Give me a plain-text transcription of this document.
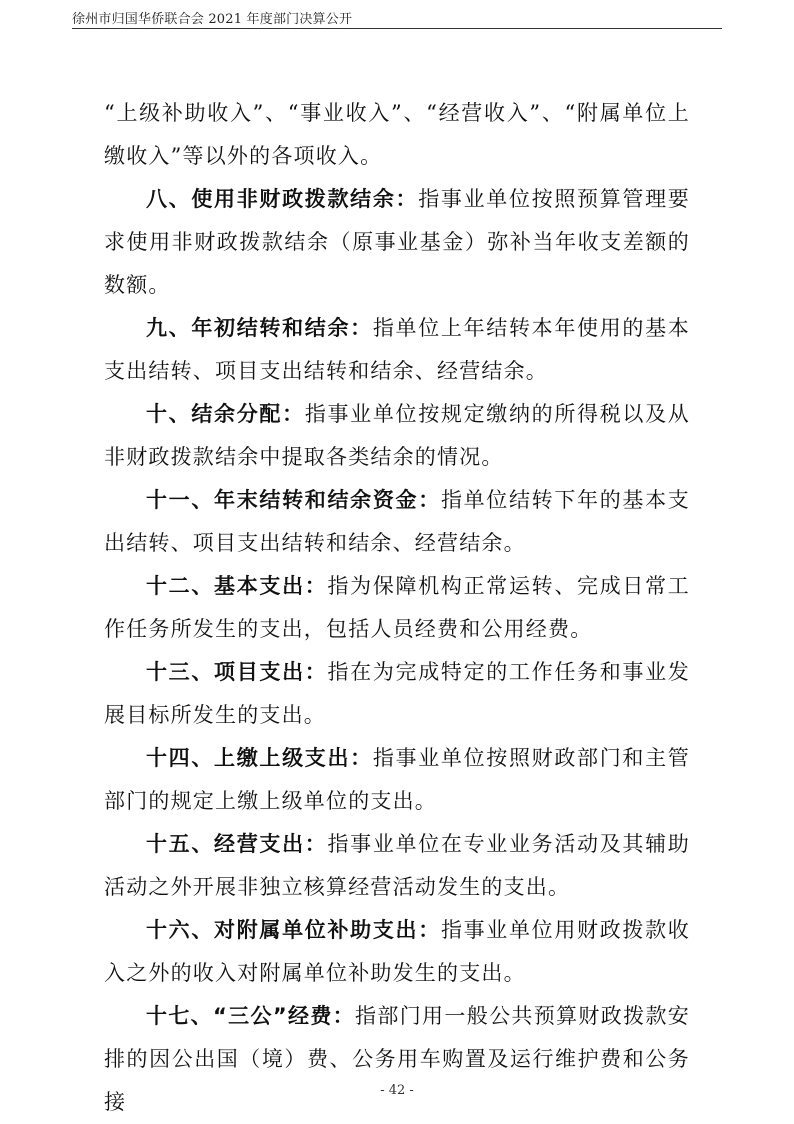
徐州市归国华侨联合会 2021 年度部门决算公开

“上级补助收入”、“事业收入”、“经营收入”、“附属单位上缴收入”等以外的各项收入。

八、使用非财政拨款结余：指事业单位按照预算管理要求使用非财政拨款结余（原事业基金）弥补当年收支差额的数额。

九、年初结转和结余：指单位上年结转本年使用的基本支出结转、项目支出结转和结余、经营结余。

十、结余分配：指事业单位按规定缴纳的所得税以及从非财政拨款结余中提取各类结余的情况。

十一、年末结转和结余资金：指单位结转下年的基本支出结转、项目支出结转和结余、经营结余。

十二、基本支出：指为保障机构正常运转、完成日常工作任务所发生的支出，包括人员经费和公用经费。

十三、项目支出：指在为完成特定的工作任务和事业发展目标所发生的支出。

十四、上缴上级支出：指事业单位按照财政部门和主管部门的规定上缴上级单位的支出。

十五、经营支出：指事业单位在专业业务活动及其辅助活动之外开展非独立核算经营活动发生的支出。

十六、对附属单位补助支出：指事业单位用财政拨款收入之外的收入对附属单位补助发生的支出。

十七、“三公”经费：指部门用一般公共预算财政拨款安排的因公出国（境）费、公务用车购置及运行维护费和公务接	- 42 -
